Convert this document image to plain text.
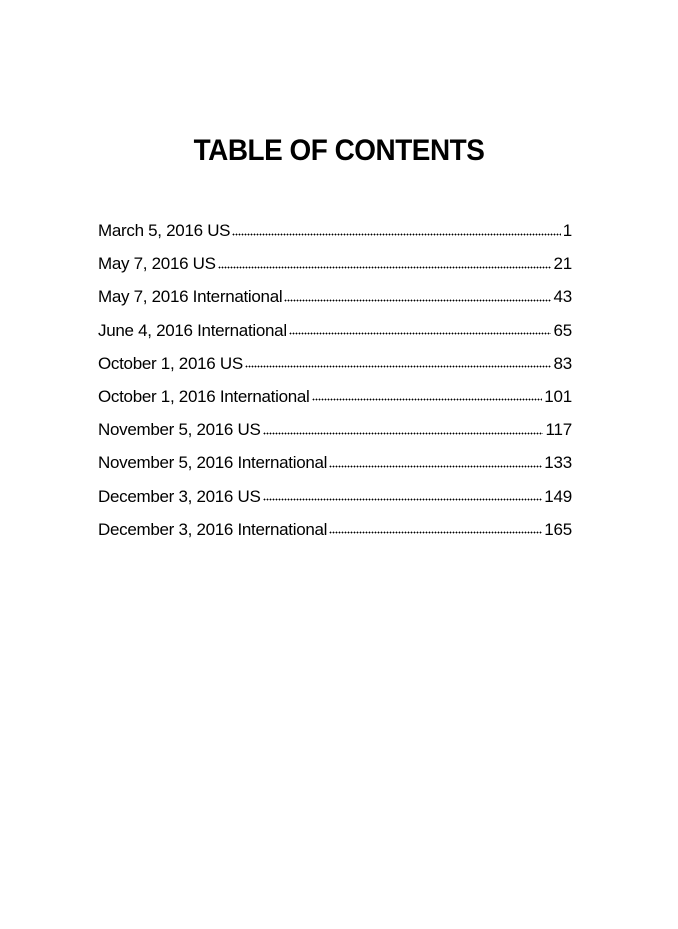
TABLE OF CONTENTS
March 5, 2016 US	1
May 7, 2016 US	21
May 7, 2016 International	43
June 4, 2016 International	65
October 1, 2016 US	83
October 1, 2016 International	101
November 5, 2016 US	117
November 5, 2016 International	133
December 3, 2016 US	149
December 3, 2016 International	165
